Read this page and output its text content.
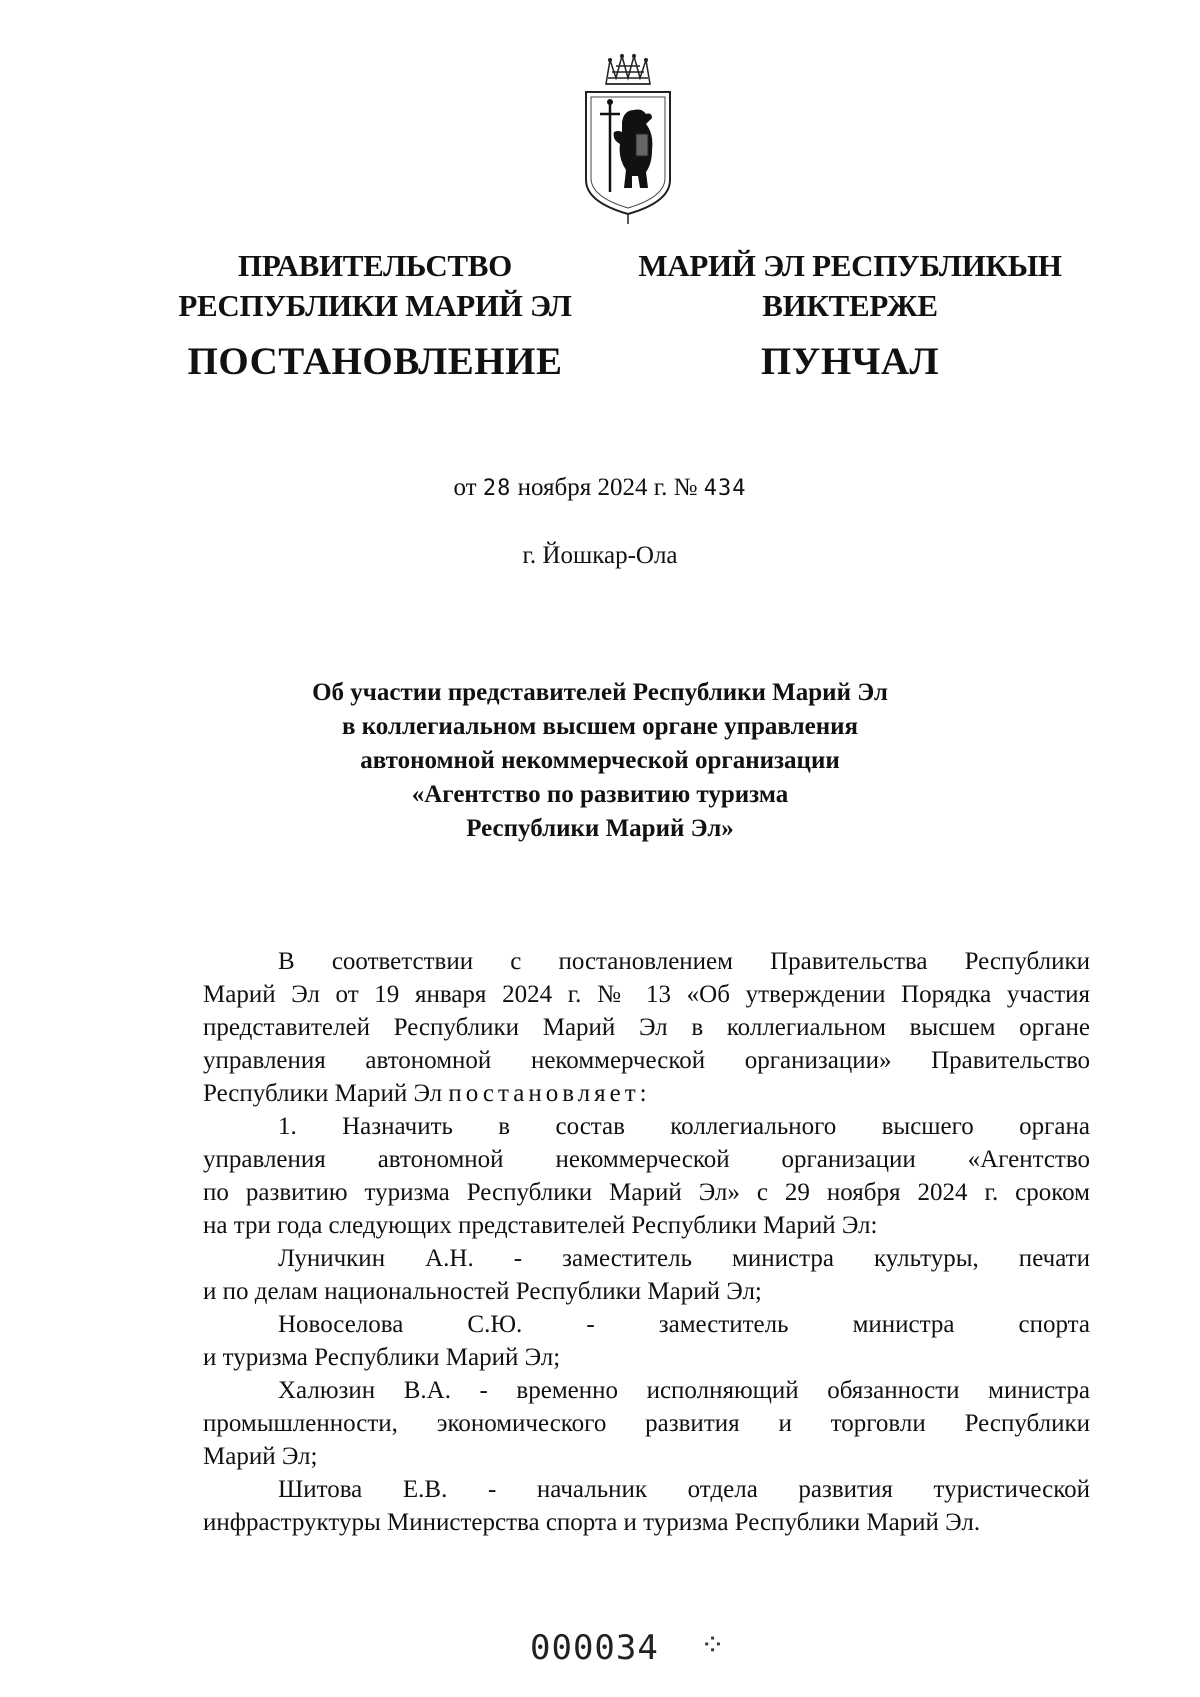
ПРАВИТЕЛЬСТВО
РЕСПУБЛИКИ МАРИЙ ЭЛ
ПОСТАНОВЛЕНИЕ
МАРИЙ ЭЛ РЕСПУБЛИКЫН
ВИКТЕРЖЕ
ПУНЧАЛ
от 28 ноября 2024 г. № 434
г. Йошкар-Ола
Об участии представителей Республики Марий Эл
в коллегиальном высшем органе управления
автономной некоммерческой организации
«Агентство по развитию туризма
Республики Марий Эл»
В соответствии с постановлением Правительства Республики
Марий Эл от 19 января 2024 г. № 13 «Об утверждении Порядка участия
представителей Республики Марий Эл в коллегиальном высшем органе
управления автономной некоммерческой организации» Правительство
Республики Марий Эл постановляет:
1. Назначить в состав коллегиального высшего органа
управления автономной некоммерческой организации «Агентство
по развитию туризма Республики Марий Эл» с 29 ноября 2024 г. сроком
на три года следующих представителей Республики Марий Эл:
Луничкин А.Н. - заместитель министра культуры, печати
и по делам национальностей Республики Марий Эл;
Новоселова С.Ю. - заместитель министра спорта
и туризма Республики Марий Эл;
Халюзин В.А. - временно исполняющий обязанности министра
промышленности, экономического развития и торговли Республики
Марий Эл;
Шитова Е.В. - начальник отдела развития туристической
инфраструктуры Министерства спорта и туризма Республики Марий Эл.
000034 ⁘
